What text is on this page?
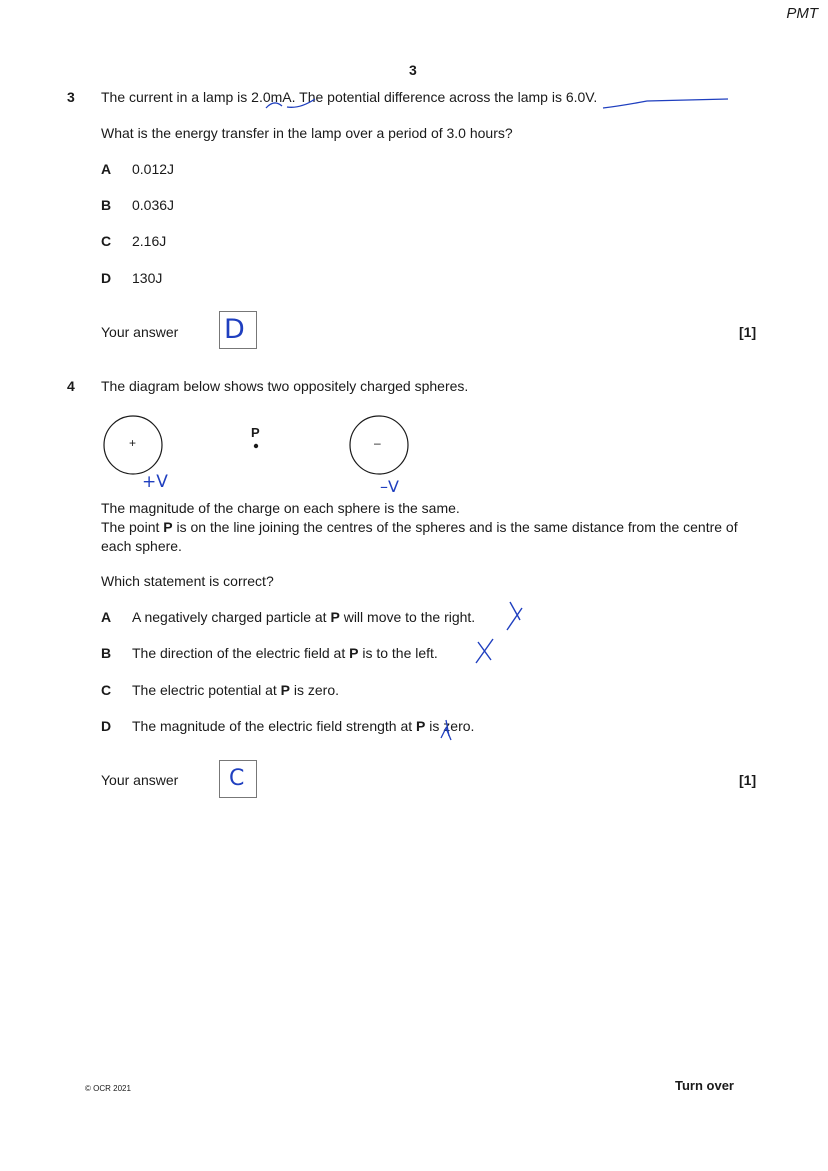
PMT
3
3 The current in a lamp is 2.0mA. The potential difference across the lamp is 6.0V.
What is the energy transfer in the lamp over a period of 3.0 hours?
A 0.012J
B 0.036J
C 2.16J
D 130J
Your answer D	[1]
4 The diagram below shows two oppositely charged spheres.
+	–
P
+V	–V
The magnitude of the charge on each sphere is the same.
The point P is on the line joining the centres of the spheres and is the same distance from the centre of each sphere.
Which statement is correct?
A A negatively charged particle at P will move to the right.
B The direction of the electric field at P is to the left.
C The electric potential at P is zero.
D The magnitude of the electric field strength at P is zero.
Your answer C	[1]
© OCR 2021	Turn over
